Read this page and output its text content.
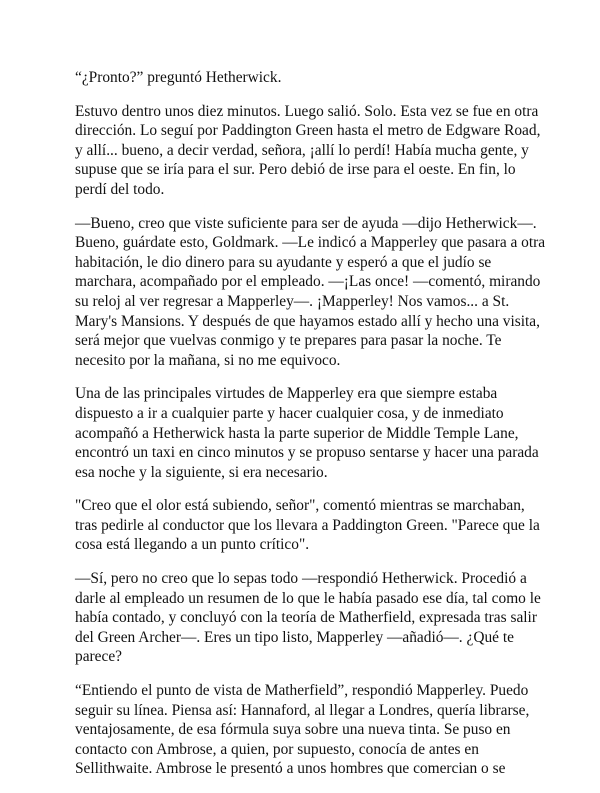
“¿Pronto?” preguntó Hetherwick.

Estuvo dentro unos diez minutos. Luego salió. Solo. Esta vez se fue en otra dirección. Lo seguí por Paddington Green hasta el metro de Edgware Road, y allí... bueno, a decir verdad, señora, ¡allí lo perdí! Había mucha gente, y supuse que se iría para el sur. Pero debió de irse para el oeste. En fin, lo perdí del todo.

—Bueno, creo que viste suficiente para ser de ayuda —dijo Hetherwick—. Bueno, guárdate esto, Goldmark. —Le indicó a Mapperley que pasara a otra habitación, le dio dinero para su ayudante y esperó a que el judío se marchara, acompañado por el empleado. —¡Las once! —comentó, mirando su reloj al ver regresar a Mapperley—. ¡Mapperley! Nos vamos... a St. Mary's Mansions. Y después de que hayamos estado allí y hecho una visita, será mejor que vuelvas conmigo y te prepares para pasar la noche. Te necesito por la mañana, si no me equivoco.

Una de las principales virtudes de Mapperley era que siempre estaba dispuesto a ir a cualquier parte y hacer cualquier cosa, y de inmediato acompañó a Hetherwick hasta la parte superior de Middle Temple Lane, encontró un taxi en cinco minutos y se propuso sentarse y hacer una parada esa noche y la siguiente, si era necesario.

"Creo que el olor está subiendo, señor", comentó mientras se marchaban, tras pedirle al conductor que los llevara a Paddington Green. "Parece que la cosa está llegando a un punto crítico".

—Sí, pero no creo que lo sepas todo —respondió Hetherwick. Procedió a darle al empleado un resumen de lo que le había pasado ese día, tal como le había contado, y concluyó con la teoría de Matherfield, expresada tras salir del Green Archer—. Eres un tipo listo, Mapperley —añadió—. ¿Qué te parece?

“Entiendo el punto de vista de Matherfield”, respondió Mapperley. Puedo seguir su línea. Piensa así: Hannaford, al llegar a Londres, quería librarse, ventajosamente, de esa fórmula suya sobre una nueva tinta. Se puso en contacto con Ambrose, a quien, por supuesto, conocía de antes en Sellithwaite. Ambrose le presentó a unos hombres que comercian o se
